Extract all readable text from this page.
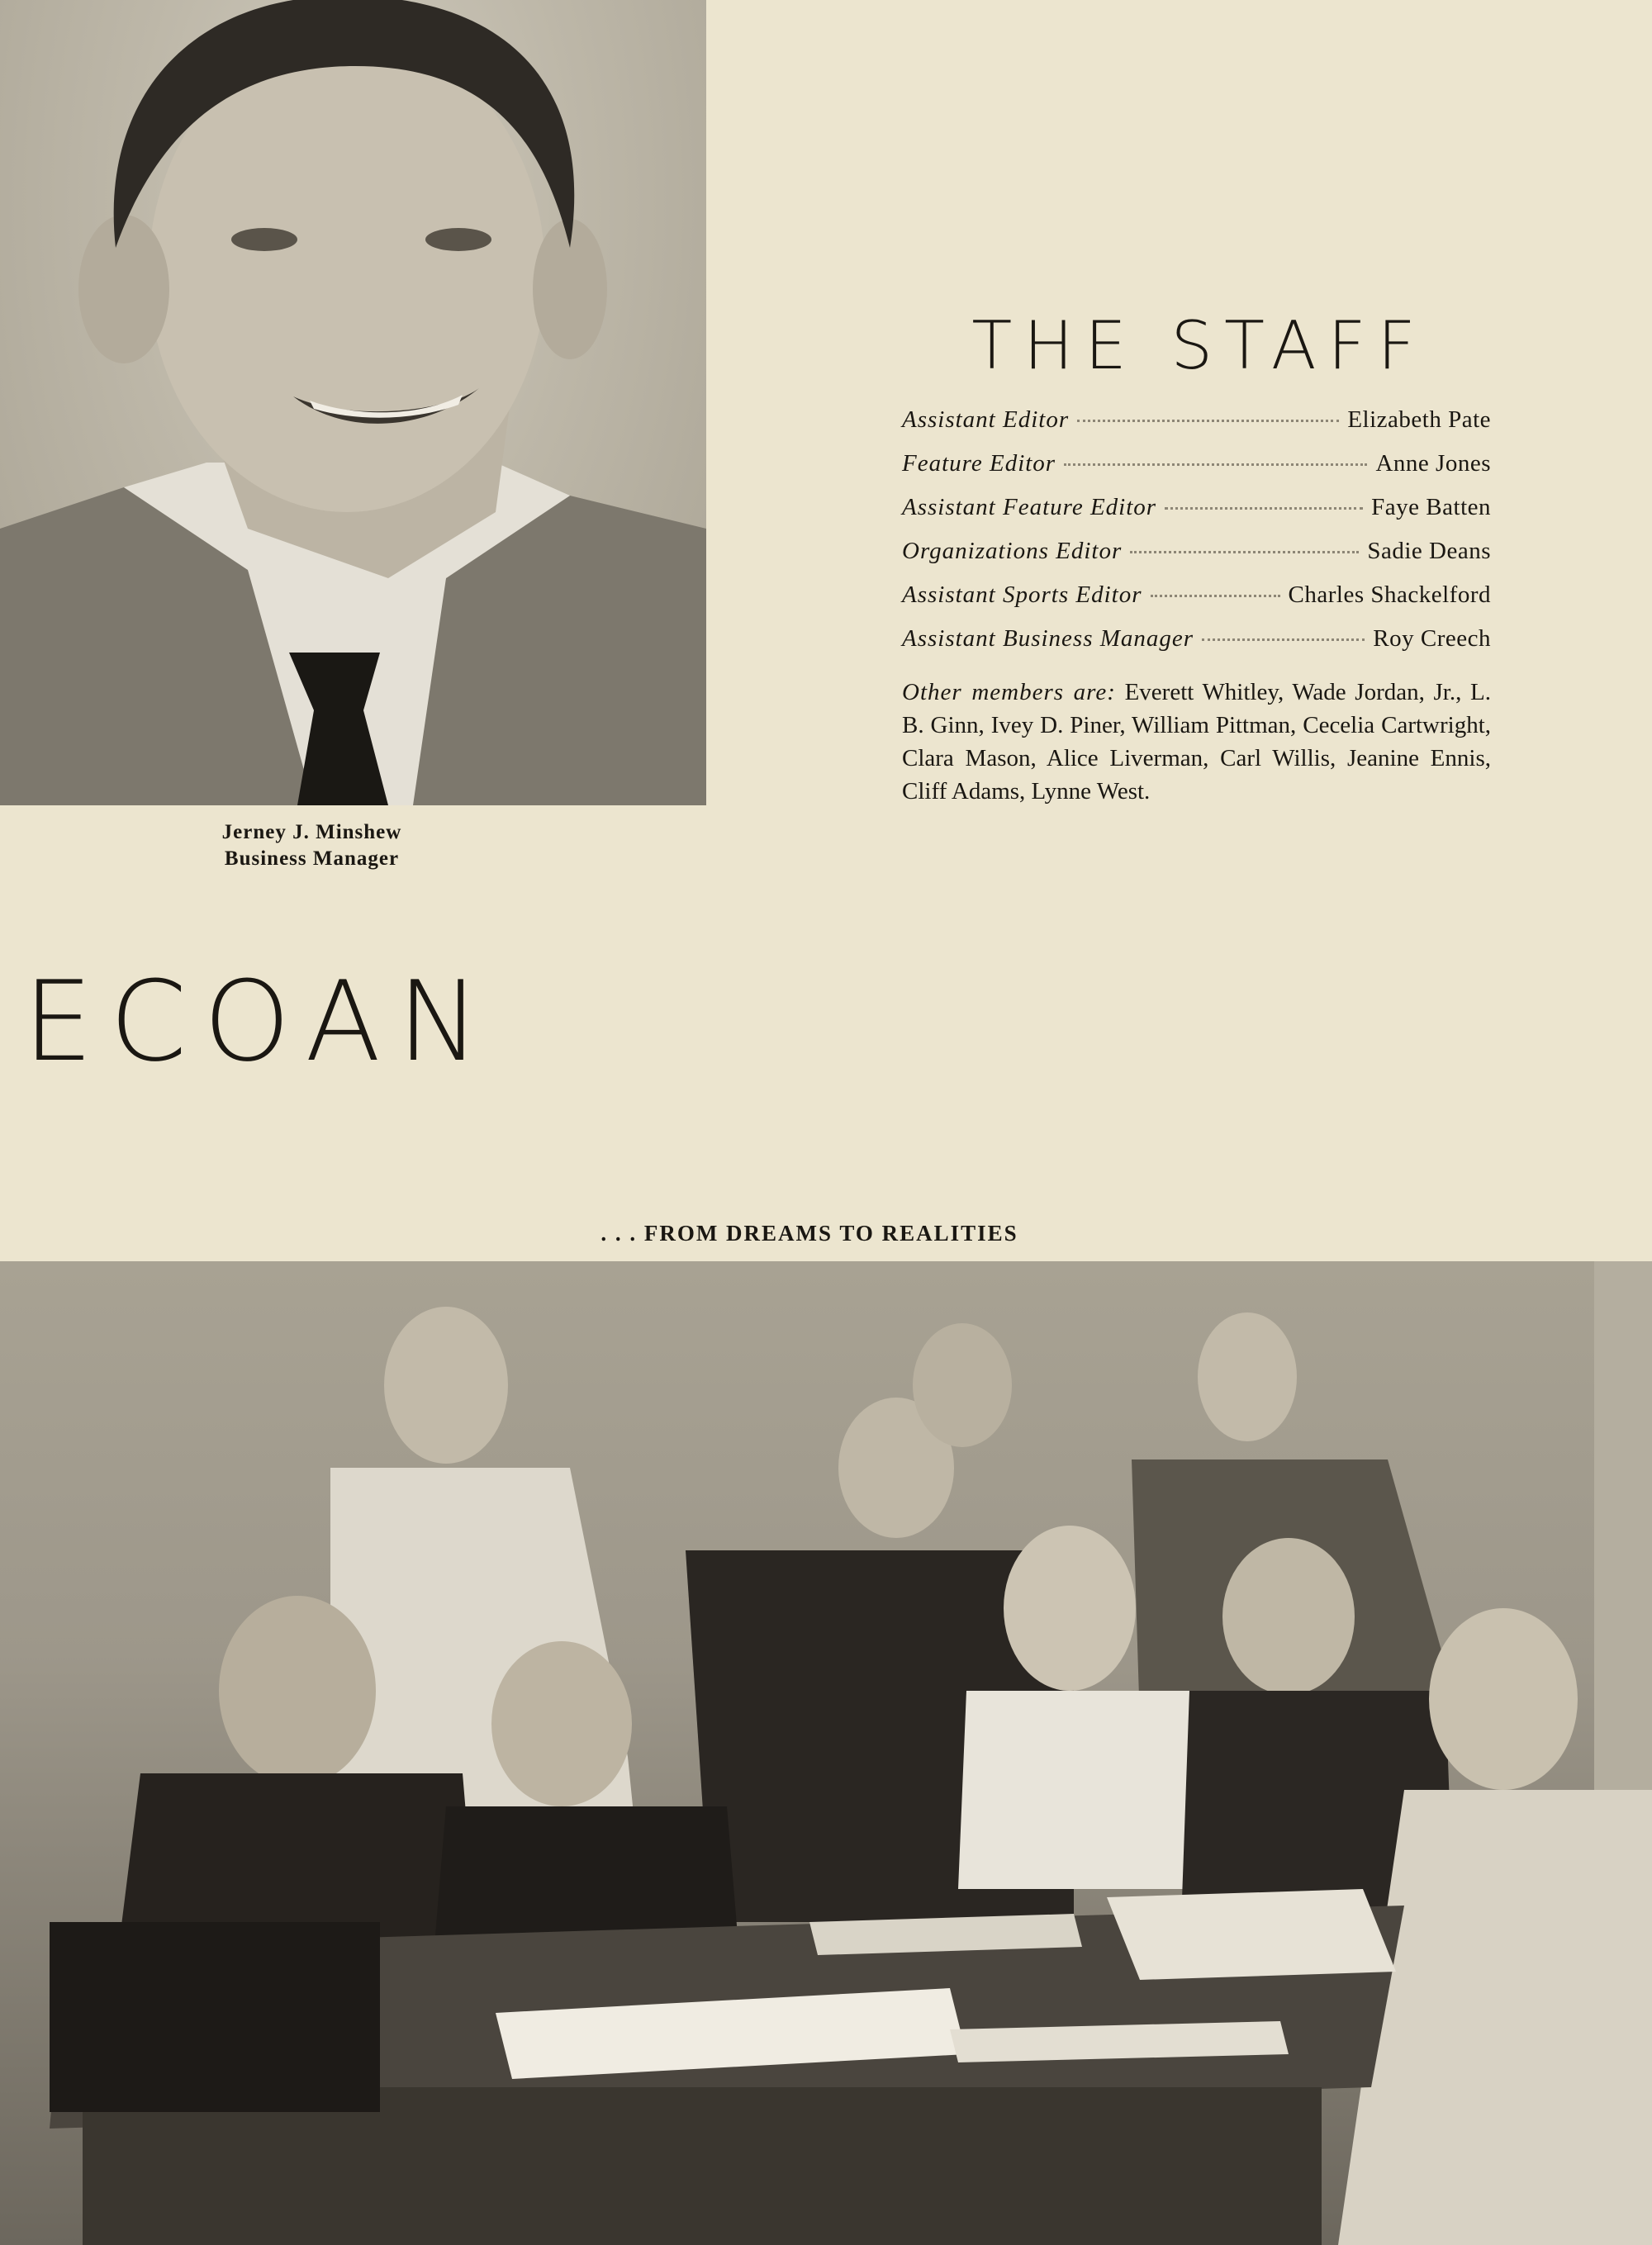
Jerney J. Minshew
Business Manager
THE STAFF
Assistant Editor	Elizabeth Pate
Feature Editor	Anne Jones
Assistant Feature Editor	Faye Batten
Organizations Editor	Sadie Deans
Assistant Sports Editor	Charles Shackelford
Assistant Business Manager	Roy Creech
Other members are: Everett Whitley, Wade Jordan, Jr., L. B. Ginn, Ivey D. Piner, William Pittman, Cecelia Cartwright, Clara Mason, Alice Liverman, Carl Willis, Jeanine Ennis, Cliff Adams, Lynne West.
ECOAN
. . . FROM DREAMS TO REALITIES
